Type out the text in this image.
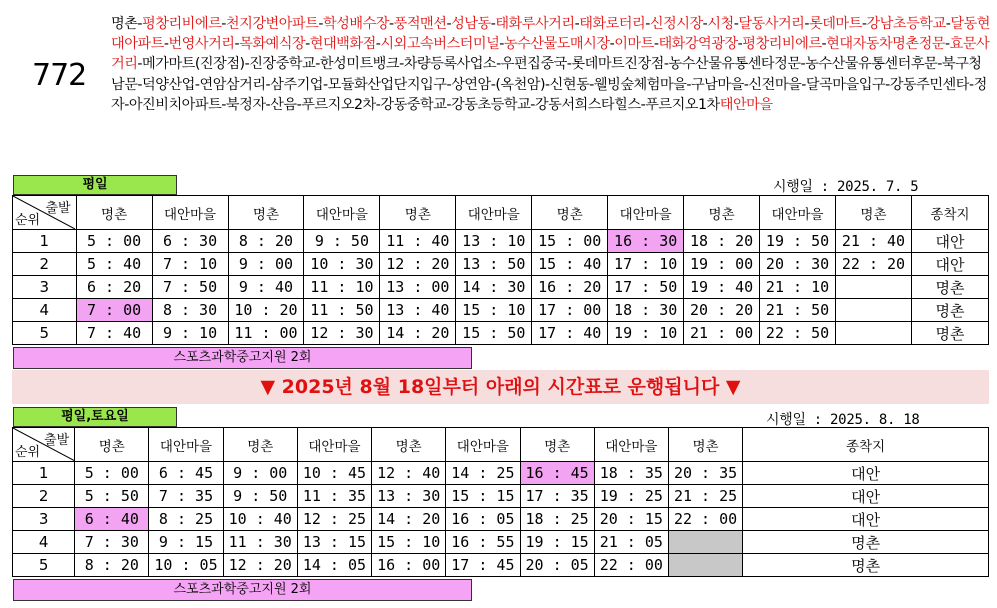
772
명촌-평창리비에르-천지강변아파트-학성배수장-풍적맨션-성남동-태화루사거리-태화로터리-신정시장-시청-달동사거리-롯데마트-강남초등학교-달동현대아파트-번영사거리-목화예식장-현대백화점-시외고속버스터미널-농수산물도매시장-이마트-태화강역광장-평창리비에르-현대자동차명촌정문-효문사거리-메가마트(진장점)-진장중학교-한성미트뱅크-차량등록사업소-우편집중국-롯데마트진장점-농수산물유통센타정문-농수산물유통센터후문-북구청남문-덕양산업-연암삼거리-삼주기업-모듈화산업단지입구-상연암-(옥천암)-신현동-웰빙숲체험마을-구남마을-신전마을-달곡마을입구-강동주민센타-정자-아진비치아파트-북정자-산음-푸르지오2차-강동중학교-강동초등학교-강동서희스타힐스-푸르지오1차태안마을
평일	시행일 : 2025. 7. 5
출발
순위	명촌	대안마을	명촌	대안마을	명촌	대안마을	명촌	대안마을	명촌	대안마을	명촌	종착지
1	5 : 00	6 : 30	8 : 20	9 : 50	11 : 40	13 : 10	15 : 00	16 : 30	18 : 20	19 : 50	21 : 40	대안
2	5 : 40	7 : 10	9 : 00	10 : 30	12 : 20	13 : 50	15 : 40	17 : 10	19 : 00	20 : 30	22 : 20	대안
3	6 : 20	7 : 50	9 : 40	11 : 10	13 : 00	14 : 30	16 : 20	17 : 50	19 : 40	21 : 10		명촌
4	7 : 00	8 : 30	10 : 20	11 : 50	13 : 40	15 : 10	17 : 00	18 : 30	20 : 20	21 : 50		명촌
5	7 : 40	9 : 10	11 : 00	12 : 30	14 : 20	15 : 50	17 : 40	19 : 10	21 : 00	22 : 50		명촌
스포츠과학중고지원 2회
▼ 2025년 8월 18일부터 아래의 시간표로 운행됩니다 ▼
평일,토요일	시행일 : 2025. 8. 18
출발
순위	명촌	대안마을	명촌	대안마을	명촌	대안마을	명촌	대안마을	명촌	종착지
1	5 : 00	6 : 45	9 : 00	10 : 45	12 : 40	14 : 25	16 : 45	18 : 35	20 : 35	대안
2	5 : 50	7 : 35	9 : 50	11 : 35	13 : 30	15 : 15	17 : 35	19 : 25	21 : 25	대안
3	6 : 40	8 : 25	10 : 40	12 : 25	14 : 20	16 : 05	18 : 25	20 : 15	22 : 00	대안
4	7 : 30	9 : 15	11 : 30	13 : 15	15 : 10	16 : 55	19 : 15	21 : 05		명촌
5	8 : 20	10 : 05	12 : 20	14 : 05	16 : 00	17 : 45	20 : 05	22 : 00		명촌
스포츠과학중고지원 2회
